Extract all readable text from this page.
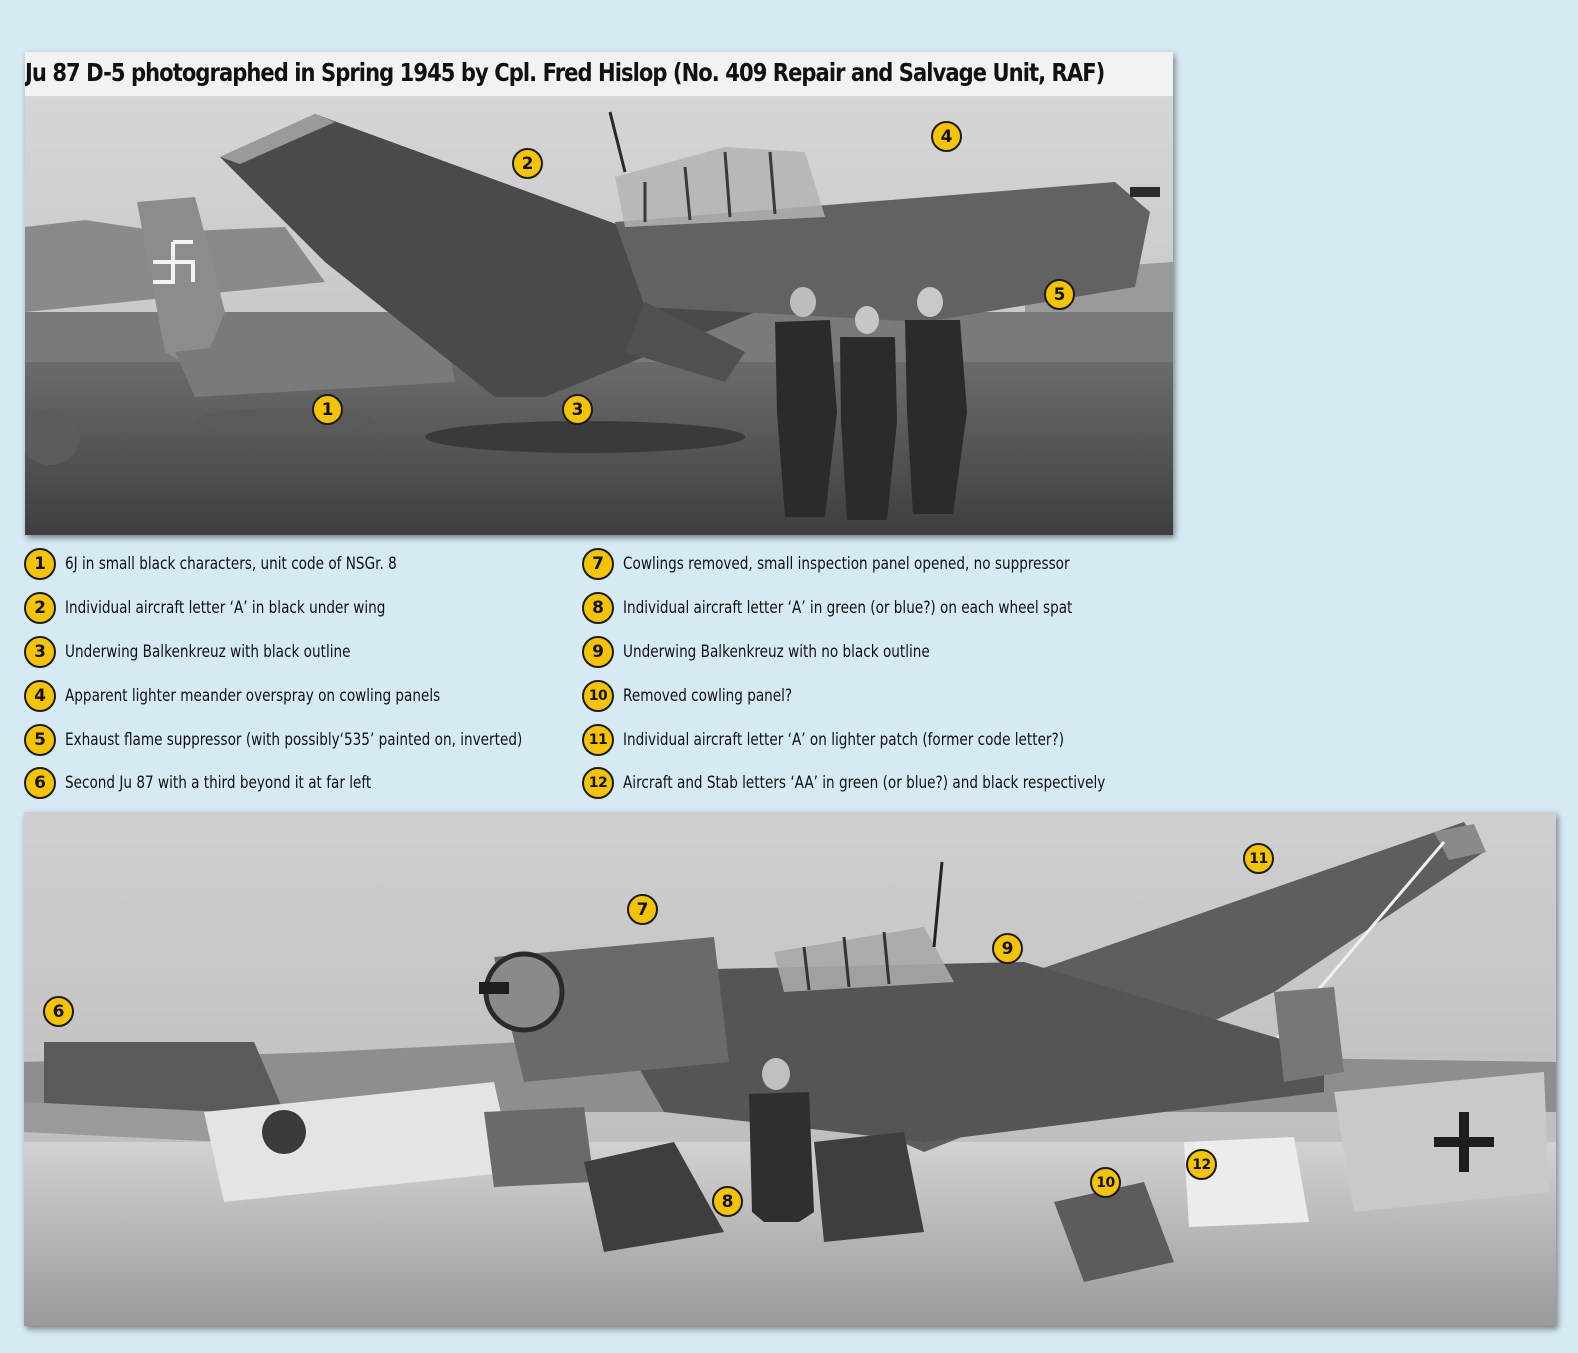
Ju 87 D-5 photographed in Spring 1945 by Cpl. Fred Hislop (No. 409 Repair and Salvage Unit, RAF)
1
2
3
4
5
1	6J in small black characters, unit code of NSGr. 8
2	Individual aircraft letter ‘A’ in black under wing
3	Underwing Balkenkreuz with black outline
4	Apparent lighter meander overspray on cowling panels
5	Exhaust flame suppressor (with possibly‘535’ painted on, inverted)
6	Second Ju 87 with a third beyond it at far left
7	Cowlings removed, small inspection panel opened, no suppressor
8	Individual aircraft letter ‘A’ in green (or blue?) on each wheel spat
9	Underwing Balkenkreuz with no black outline
10 Removed cowling panel?
11 Individual aircraft letter ‘A’ on lighter patch (former code letter?)
12 Aircraft and Stab letters ‘AA’ in green (or blue?) and black respectively
6
7
8
9
10
11
12
